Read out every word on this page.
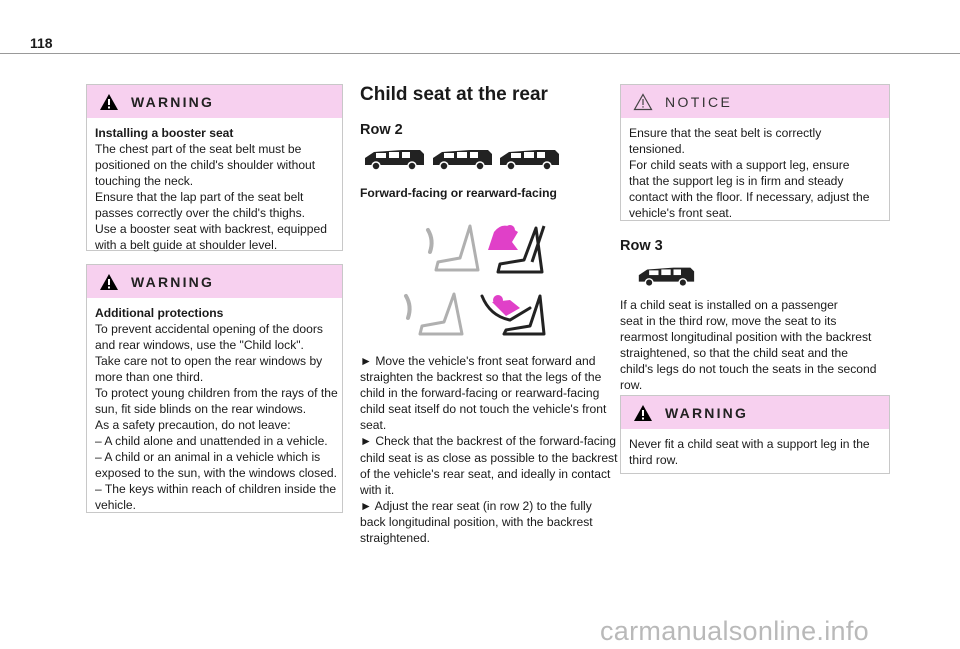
118
WARNING
Installing a booster seat
The chest part of the seat belt must be
positioned on the child's shoulder without
touching the neck.
Ensure that the lap part of the seat belt
passes correctly over the child's thighs.
Use a booster seat with backrest, equipped
with a belt guide at shoulder level.
WARNING
Additional protections
To prevent accidental opening of the doors
and rear windows, use the "Child lock".
Take care not to open the rear windows by
more than one third.
To protect young children from the rays of the
sun, fit side blinds on the rear windows.
As a safety precaution, do not leave:
– A child alone and unattended in a vehicle.
– A child or an animal in a vehicle which is
exposed to the sun, with the windows closed.
– The keys within reach of children inside the
vehicle.
Child seat at the rear
Row 2
Forward-facing or rearward-facing
► Move the vehicle's front seat forward and
straighten the backrest so that the legs of the
child in the forward-facing or rearward-facing
child seat itself do not touch the vehicle's front
seat.
► Check that the backrest of the forward-facing
child seat is as close as possible to the backrest
of the vehicle's rear seat, and ideally in contact
with it.
► Adjust the rear seat (in row 2) to the fully
back longitudinal position, with the backrest
straightened.
NOTICE
Ensure that the seat belt is correctly
tensioned.
For child seats with a support leg, ensure
that the support leg is in firm and steady
contact with the floor. If necessary, adjust the
vehicle's front seat.
Row 3
If a child seat is installed on a passenger
seat in the third row, move the seat to its
rearmost longitudinal position with the backrest
straightened, so that the child seat and the
child's legs do not touch the seats in the second
row.
WARNING
Never fit a child seat with a support leg in the
third row.
carmanualsonline.info
